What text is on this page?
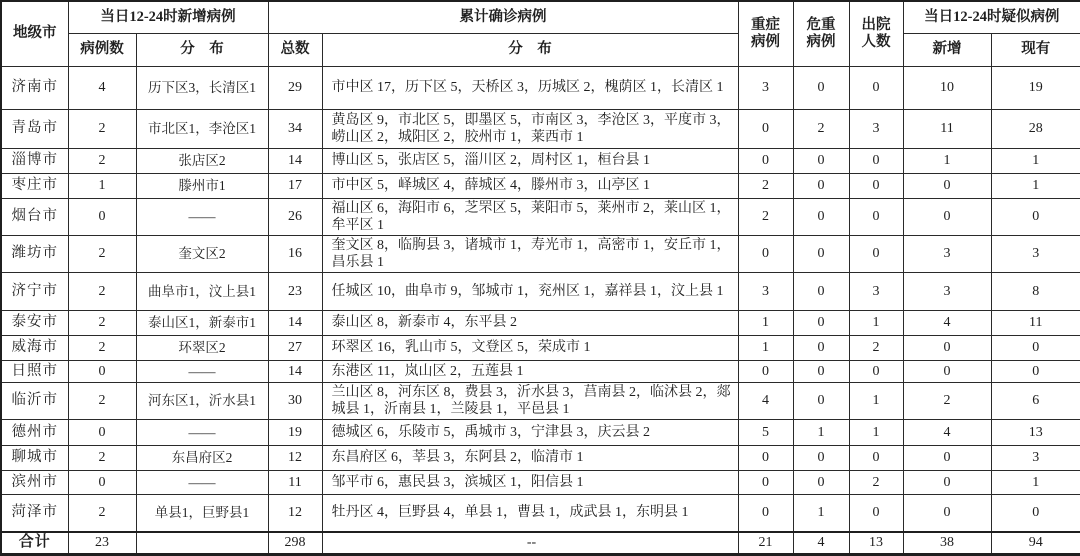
地级市	当日12-24时新增病例		累计确诊病例		重症病例	危重病例	出院人数	当日12-24时疑似病例	
	病例数	分　布	总数	分　布				新增	现有
济南市	4	历下区3，长清区1	29	市中区 17，历下区 5，天桥区 3，历城区 2，槐荫区 1，长清区 1	3	0	0	10	19
青岛市	2	市北区1，李沧区1	34	黄岛区 9，市北区 5，即墨区 5，市南区 3，李沧区 3，平度市 3，崂山区 2，城阳区 2，胶州市 1，莱西市 1	0	2	3	11	28
淄博市	2	张店区2	14	博山区 5，张店区 5，淄川区 2，周村区 1，桓台县 1	0	0	0	1	1
枣庄市	1	滕州市1	17	市中区 5，峄城区 4，薛城区 4，滕州市 3，山亭区 1	2	0	0	0	1
烟台市	0	——	26	福山区 6，海阳市 6，芝罘区 5，莱阳市 5，莱州市 2，莱山区 1，牟平区 1	2	0	0	0	0
潍坊市	2	奎文区2	16	奎文区 8，临朐县 3，诸城市 1，寿光市 1，高密市 1，安丘市 1，昌乐县 1	0	0	0	3	3
济宁市	2	曲阜市1，汶上县1	23	任城区 10，曲阜市 9，邹城市 1，兖州区 1，嘉祥县 1，汶上县 1	3	0	3	3	8
泰安市	2	泰山区1，新泰市1	14	泰山区 8，新泰市 4，东平县 2	1	0	1	4	11
威海市	2	环翠区2	27	环翠区 16，乳山市 5，文登区 5，荣成市 1	1	0	2	0	0
日照市	0	——	14	东港区 11，岚山区 2，五莲县 1	0	0	0	0	0
临沂市	2	河东区1，沂水县1	30	兰山区 8，河东区 8，费县 3，沂水县 3，莒南县 2，临沭县 2，郯城县 1，沂南县 1，兰陵县 1，平邑县 1	4	0	1	2	6
德州市	0	——	19	德城区 6，乐陵市 5，禹城市 3，宁津县 3，庆云县 2	5	1	1	4	13
聊城市	2	东昌府区2	12	东昌府区 6，莘县 3，东阿县 2，临清市 1	0	0	0	0	3
滨州市	0	——	11	邹平市 6，惠民县 3，滨城区 1，阳信县 1	0	0	2	0	1
菏泽市	2	单县1，巨野县1	12	牡丹区 4，巨野县 4，单县 1，曹县 1，成武县 1，东明县 1	0	1	0	0	0
合计	23		298	--	21	4	13	38	94
